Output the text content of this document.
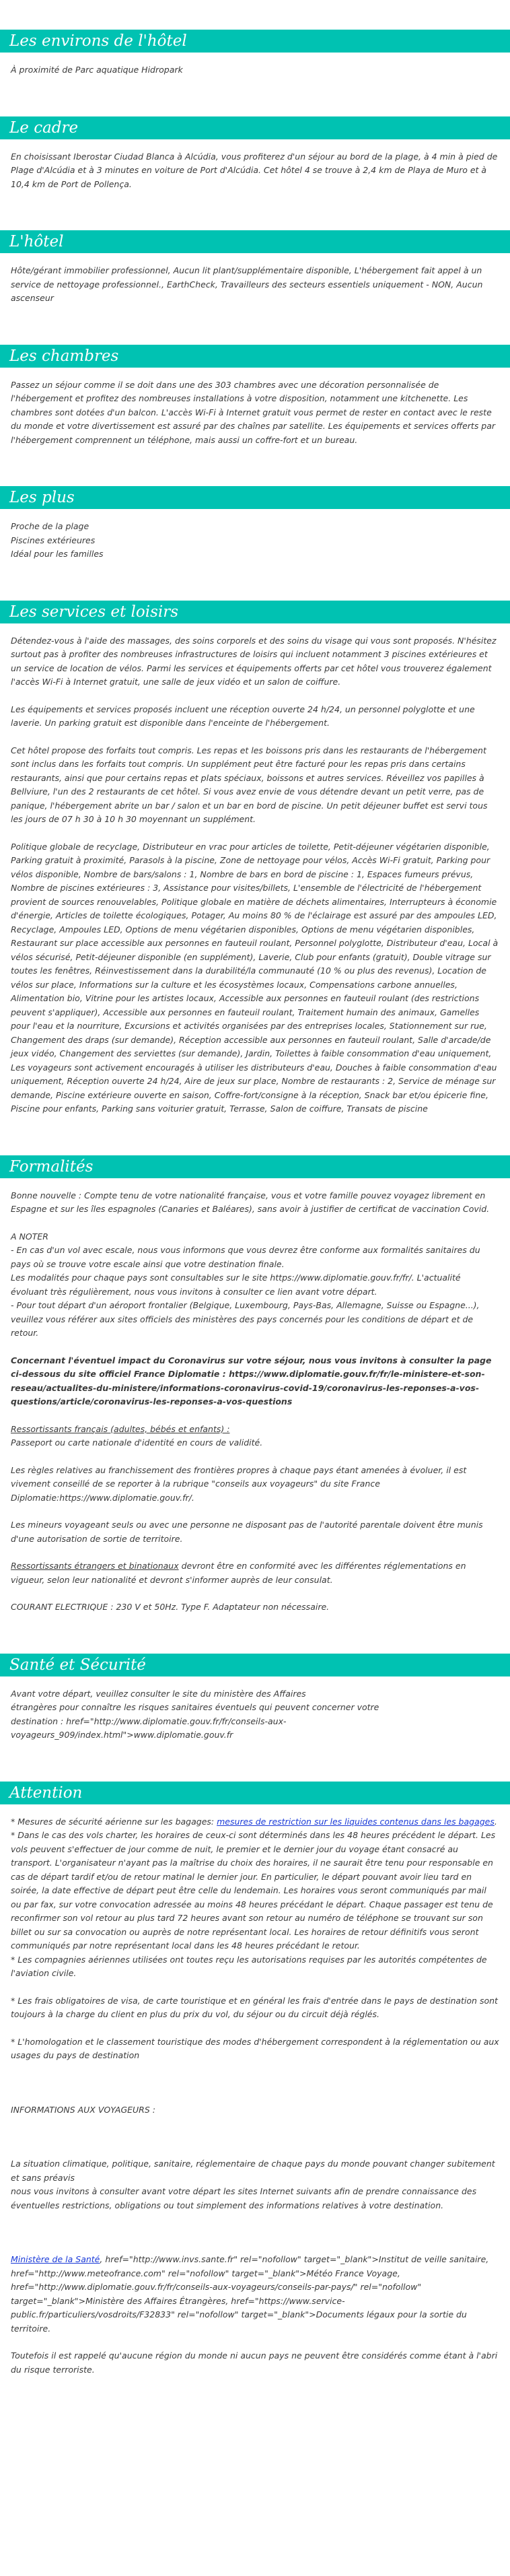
Les environs de l'hôtel

À proximité de Parc aquatique Hidropark

Le cadre

En choisissant Iberostar Ciudad Blanca à Alcúdia, vous profiterez d'un séjour au bord de la plage, à 4 min à pied de Plage d'Alcúdia et à 3 minutes en voiture de Port d'Alcúdia. Cet hôtel 4 se trouve à 2,4 km de Playa de Muro et à 10,4 km de Port de Pollença.

L'hôtel

Hôte/gérant immobilier professionnel, Aucun lit plant/supplémentaire disponible, L'hébergement fait appel à un service de nettoyage professionnel., EarthCheck, Travailleurs des secteurs essentiels uniquement - NON, Aucun ascenseur

Les chambres

Passez un séjour comme il se doit dans une des 303 chambres avec une décoration personnalisée de l'hébergement et profitez des nombreuses installations à votre disposition, notamment une kitchenette. Les chambres sont dotées d'un balcon. L'accès Wi-Fi à Internet gratuit vous permet de rester en contact avec le reste du monde et votre divertissement est assuré par des chaînes par satellite. Les équipements et services offerts par l'hébergement comprennent un téléphone, mais aussi un coffre-fort et un bureau.

Les plus
Proche de la plage
Piscines extérieures
Idéal pour les familles
Les services et loisirs

Détendez-vous à l'aide des massages, des soins corporels et des soins du visage qui vous sont proposés. N'hésitez surtout pas à profiter des nombreuses infrastructures de loisirs qui incluent notamment 3 piscines extérieures et un service de location de vélos. Parmi les services et équipements offerts par cet hôtel vous trouverez également l'accès Wi-Fi à Internet gratuit, une salle de jeux vidéo et un salon de coiffure.

Les équipements et services proposés incluent une réception ouverte 24 h/24, un personnel polyglotte et une laverie. Un parking gratuit est disponible dans l'enceinte de l'hébergement.

Cet hôtel propose des forfaits tout compris. Les repas et les boissons pris dans les restaurants de l'hébergement sont inclus dans les forfaits tout compris. Un supplément peut être facturé pour les repas pris dans certains restaurants, ainsi que pour certains repas et plats spéciaux, boissons et autres services. Réveillez vos papilles à Bellviure, l'un des 2 restaurants de cet hôtel. Si vous avez envie de vous détendre devant un petit verre, pas de panique, l'hébergement abrite un bar / salon et un bar en bord de piscine. Un petit déjeuner buffet est servi tous les jours de 07 h 30 à 10 h 30 moyennant un supplément.

Politique globale de recyclage, Distributeur en vrac pour articles de toilette, Petit-déjeuner végétarien disponible, Parking gratuit à proximité, Parasols à la piscine, Zone de nettoyage pour vélos, Accès Wi-Fi gratuit, Parking pour vélos disponible, Nombre de bars/salons : 1, Nombre de bars en bord de piscine : 1, Espaces fumeurs prévus, Nombre de piscines extérieures : 3, Assistance pour visites/billets, L'ensemble de l'électricité de l'hébergement provient de sources renouvelables, Politique globale en matière de déchets alimentaires, Interrupteurs à économie d'énergie, Articles de toilette écologiques, Potager, Au moins 80 % de l'éclairage est assuré par des ampoules LED, Recyclage, Ampoules LED, Options de menu végétarien disponibles, Options de menu végétarien disponibles, Restaurant sur place accessible aux personnes en fauteuil roulant, Personnel polyglotte, Distributeur d'eau, Local à vélos sécurisé, Petit-déjeuner disponible (en supplément), Laverie, Club pour enfants (gratuit), Double vitrage sur toutes les fenêtres, Réinvestissement dans la durabilité/la communauté (10 % ou plus des revenus), Location de vélos sur place, Informations sur la culture et les écosystèmes locaux, Compensations carbone annuelles, Alimentation bio, Vitrine pour les artistes locaux, Accessible aux personnes en fauteuil roulant (des restrictions peuvent s'appliquer), Accessible aux personnes en fauteuil roulant, Traitement humain des animaux, Gamelles pour l'eau et la nourriture, Excursions et activités organisées par des entreprises locales, Stationnement sur rue, Changement des draps (sur demande), Réception accessible aux personnes en fauteuil roulant, Salle d'arcade/de jeux vidéo, Changement des serviettes (sur demande), Jardin, Toilettes à faible consommation d'eau uniquement, Les voyageurs sont activement encouragés à utiliser les distributeurs d'eau, Douches à faible consommation d'eau uniquement, Réception ouverte 24 h/24, Aire de jeux sur place, Nombre de restaurants : 2, Service de ménage sur demande, Piscine extérieure ouverte en saison, Coffre-fort/consigne à la réception, Snack bar et/ou épicerie fine, Piscine pour enfants, Parking sans voiturier gratuit, Terrasse, Salon de coiffure, Transats de piscine

Formalités

Bonne nouvelle : Compte tenu de votre nationalité française, vous et votre famille pouvez voyagez librement en Espagne et sur les îles espagnoles (Canaries et Baléares), sans avoir à justifier de certificat de vaccination Covid.

A NOTER
- En cas d'un vol avec escale, nous vous informons que vous devrez être conforme aux formalités sanitaires du pays où se trouve votre escale ainsi que votre destination finale.
Les modalités pour chaque pays sont consultables sur le site https://www.diplomatie.gouv.fr/fr/. L'actualité évoluant très régulièrement, nous vous invitons à consulter ce lien avant votre départ.
- Pour tout départ d'un aéroport frontalier (Belgique, Luxembourg, Pays-Bas, Allemagne, Suisse ou Espagne...), veuillez vous référer aux sites officiels des ministères des pays concernés pour les conditions de départ et de retour.

Concernant l'éventuel impact du Coronavirus sur votre séjour, nous vous invitons à consulter la page ci-dessous du site officiel France Diplomatie : https://www.diplomatie.gouv.fr/fr/le-ministere-et-son-reseau/actualites-du-ministere/informations-coronavirus-covid-19/coronavirus-les-reponses-a-vos-questions/article/coronavirus-les-reponses-a-vos-questions

Ressortissants français (adultes, bébés et enfants) :
Passeport ou carte nationale d'identité en cours de validité.

Les règles relatives au franchissement des frontières propres à chaque pays étant amenées à évoluer, il est vivement conseillé de se reporter à la rubrique "conseils aux voyageurs" du site France Diplomatie:https://www.diplomatie.gouv.fr/.

Les mineurs voyageant seuls ou avec une personne ne disposant pas de l'autorité parentale doivent être munis d'une autorisation de sortie de territoire.

Ressortissants étrangers et binationaux devront être en conformité avec les différentes réglementations en vigueur, selon leur nationalité et devront s'informer auprès de leur consulat.

COURANT ELECTRIQUE : 230 V et 50Hz. Type F. Adaptateur non nécessaire.

Santé et Sécurité
Avant votre départ, veuillez consulter le site du ministère des Affaires
étrangères pour connaître les risques sanitaires éventuels qui peuvent concerner votre
destination : href="http://www.diplomatie.gouv.fr/fr/conseils-aux-voyageurs_909/index.html">www.diplomatie.gouv.fr
Attention

* Mesures de sécurité aérienne sur les bagages: mesures de restriction sur les liquides contenus dans les bagages.
* Dans le cas des vols charter, les horaires de ceux-ci sont déterminés dans les 48 heures précédent le départ. Les vols peuvent s'effectuer de jour comme de nuit, le premier et le dernier jour du voyage étant consacré au transport. L'organisateur n'ayant pas la maîtrise du choix des horaires, il ne saurait être tenu pour responsable en cas de départ tardif et/ou de retour matinal le dernier jour. En particulier, le départ pouvant avoir lieu tard en soirée, la date effective de départ peut être celle du lendemain. Les horaires vous seront communiqués par mail ou par fax, sur votre convocation adressée au moins 48 heures précédant le départ. Chaque passager est tenu de reconfirmer son vol retour au plus tard 72 heures avant son retour au numéro de téléphone se trouvant sur son billet ou sur sa convocation ou auprès de notre représentant local. Les horaires de retour définitifs vous seront communiqués par notre représentant local dans les 48 heures précédant le retour.
* Les compagnies aériennes utilisées ont toutes reçu les autorisations requises par les autorités compétentes de l'aviation civile.

* Les frais obligatoires de visa, de carte touristique et en général les frais d'entrée dans le pays de destination sont toujours à la charge du client en plus du prix du vol, du séjour ou du circuit déjà réglés.

* L'homologation et le classement touristique des modes d'hébergement correspondent à la réglementation ou aux usages du pays de destination

INFORMATIONS AUX VOYAGEURS :

La situation climatique, politique, sanitaire, réglementaire de chaque pays du monde pouvant changer subitement et sans préavis
nous vous invitons à consulter avant votre départ les sites Internet suivants afin de prendre connaissance des éventuelles restrictions, obligations ou tout simplement des informations relatives à votre destination.

Ministère de la Santé, href="http://www.invs.sante.fr" rel="nofollow" target="_blank">Institut de veille sanitaire, href="http://www.meteofrance.com" rel="nofollow" target="_blank">Météo France Voyage, href="http://www.diplomatie.gouv.fr/fr/conseils-aux-voyageurs/conseils-par-pays/" rel="nofollow" target="_blank">Ministère des Affaires Étrangères, href="https://www.service-public.fr/particuliers/vosdroits/F32833" rel="nofollow" target="_blank">Documents légaux pour la sortie du territoire.

Toutefois il est rappelé qu'aucune région du monde ni aucun pays ne peuvent être considérés comme étant à l'abri du risque terroriste.
